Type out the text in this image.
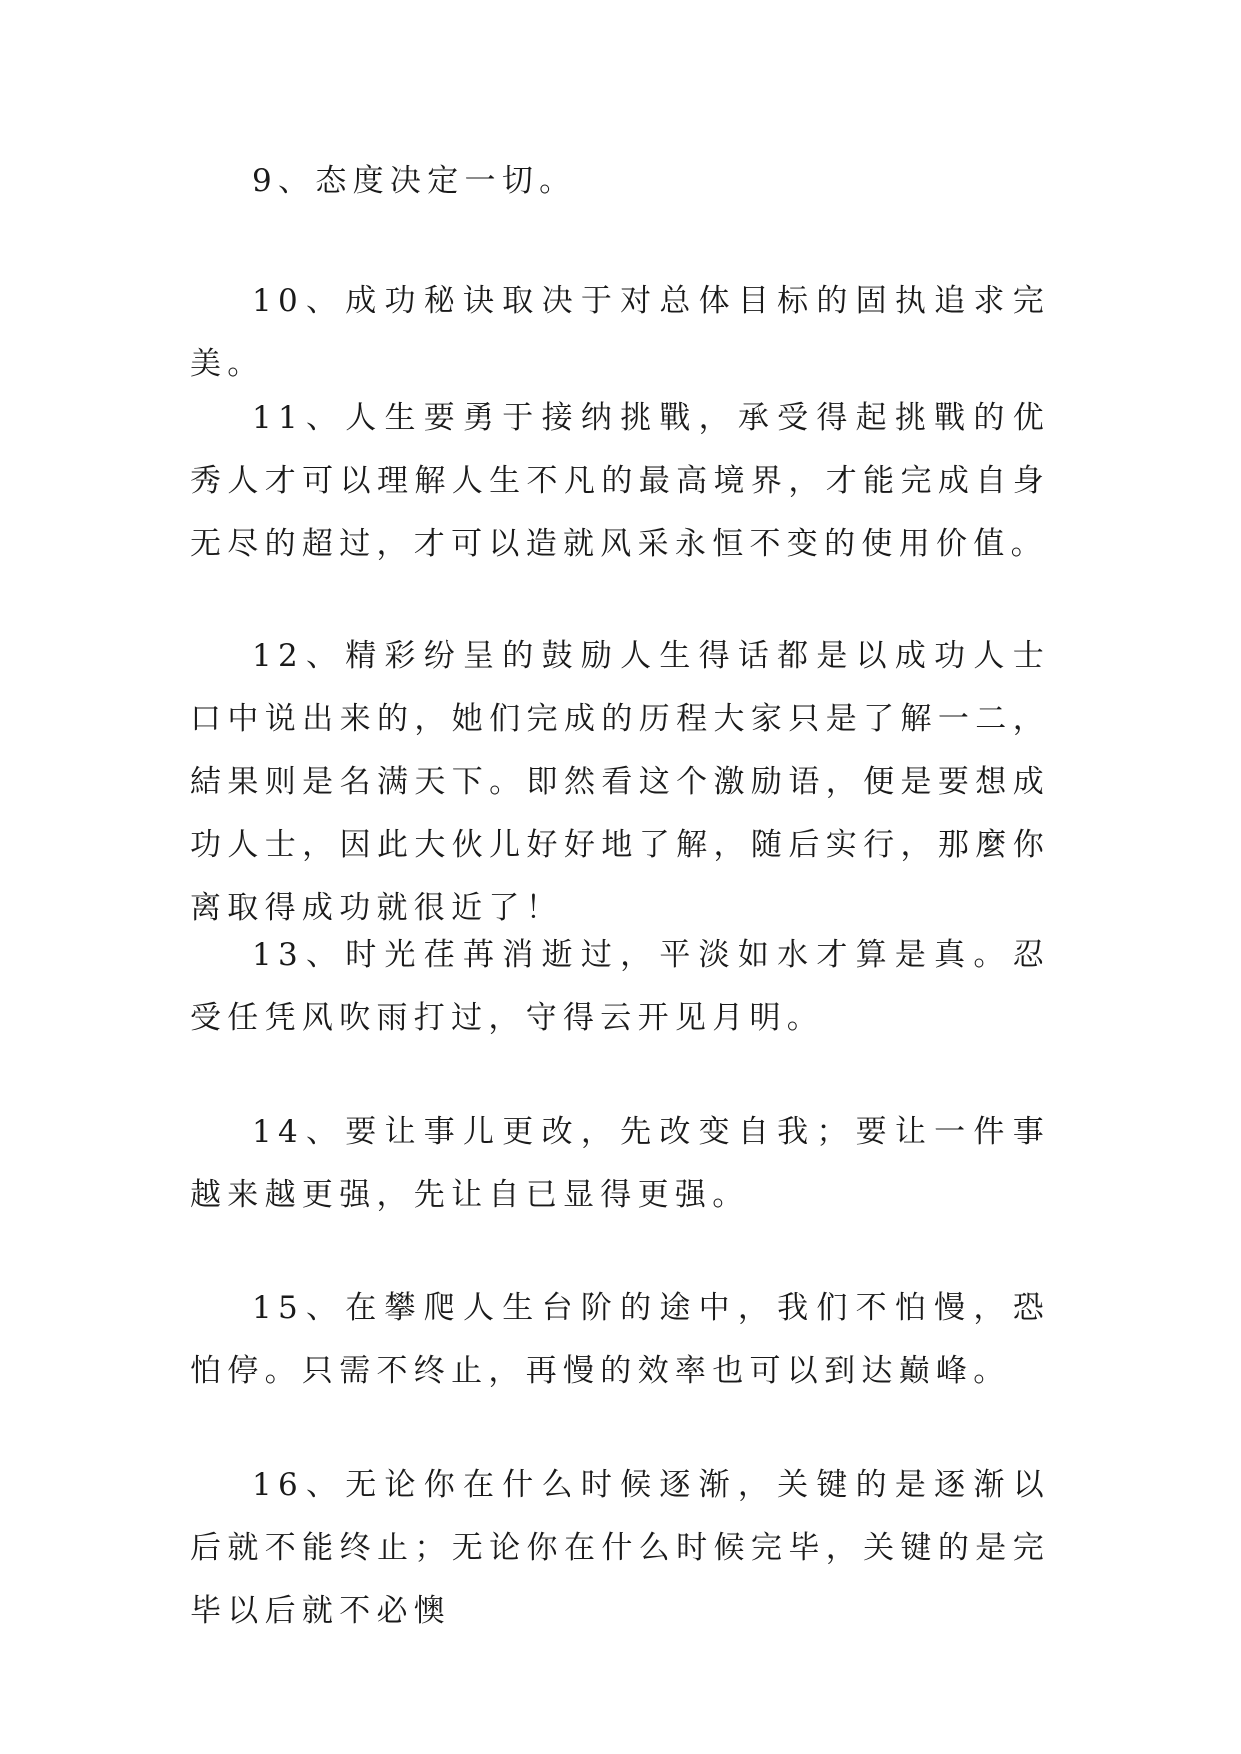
9、态度决定一切。

10、成功秘诀取决于对总体目标的固执追求完美。

11、人生要勇于接纳挑戰，承受得起挑戰的优秀人才可以理解人生不凡的最高境界，才能完成自身无尽的超过，才可以造就风采永恒不变的使用价值。

12、精彩纷呈的鼓励人生得话都是以成功人士口中说出来的，她们完成的历程大家只是了解一二，結果则是名满天下。即然看这个激励语，便是要想成功人士，因此大伙儿好好地了解，随后实行，那麼你离取得成功就很近了！

13、时光荏苒消逝过，平淡如水才算是真。忍受任凭风吹雨打过，守得云开见月明。

14、要让事儿更改，先改变自我；要让一件事越来越更强，先让自已显得更强。

15、在攀爬人生台阶的途中，我们不怕慢，恐怕停。只需不终止，再慢的效率也可以到达巅峰。

16、无论你在什么时候逐渐，关键的是逐渐以后就不能终止；无论你在什么时候完毕，关键的是完毕以后就不必懊
